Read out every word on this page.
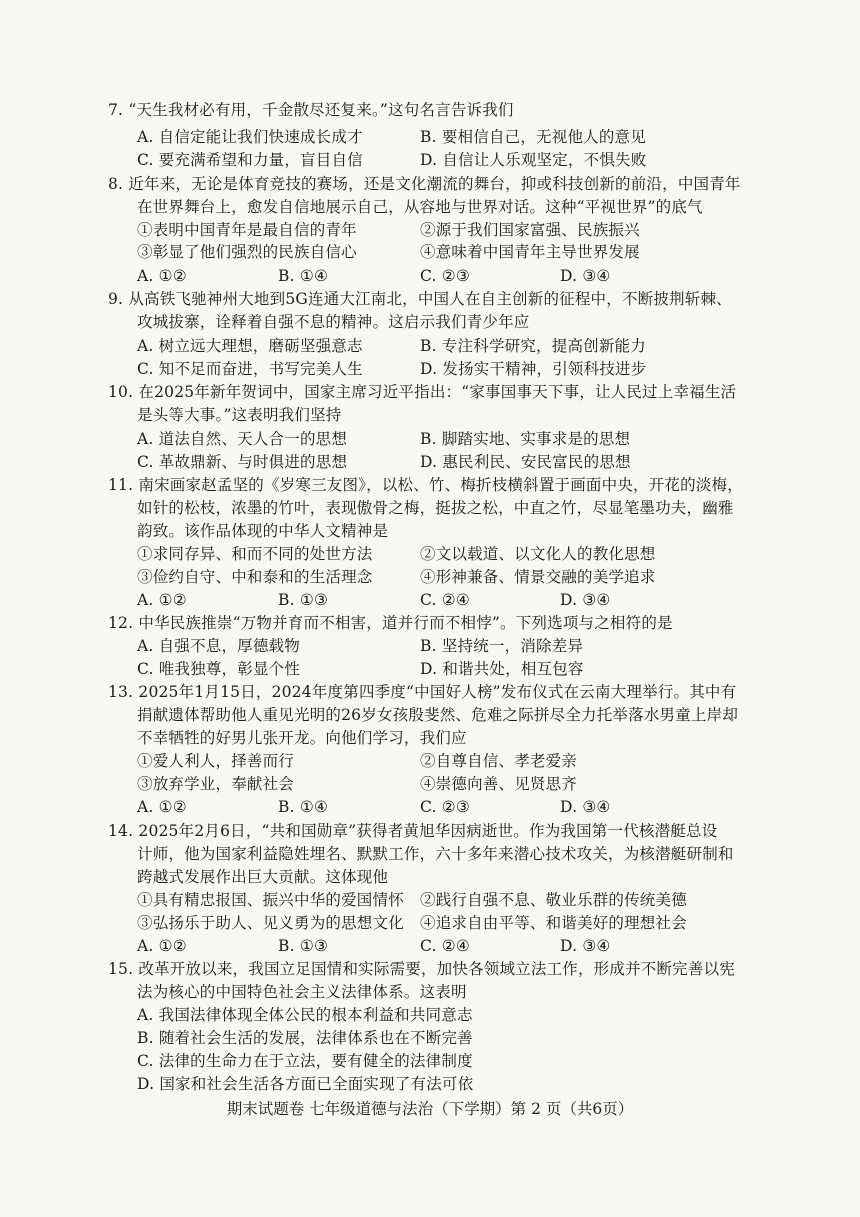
7. “天生我材必有用，千金散尽还复来。”这句名言告诉我们
A. 自信定能让我们快速成长成才	B. 要相信自己，无视他人的意见
C. 要充满希望和力量，盲目自信	D. 自信让人乐观坚定，不惧失败
8. 近年来，无论是体育竞技的赛场，还是文化潮流的舞台，抑或科技创新的前沿，中国青年
在世界舞台上，愈发自信地展示自己，从容地与世界对话。这种“平视世界”的底气
①表明中国青年是最自信的青年	②源于我们国家富强、民族振兴
③彰显了他们强烈的民族自信心	④意味着中国青年主导世界发展
A. ①②	B. ①④	C. ②③	D. ③④
9. 从高铁飞驰神州大地到5G连通大江南北，中国人在自主创新的征程中，不断披荆斩棘、
攻城拔寨，诠释着自强不息的精神。这启示我们青少年应
A. 树立远大理想，磨砺坚强意志	B. 专注科学研究，提高创新能力
C. 知不足而奋进，书写完美人生	D. 发扬实干精神，引领科技进步
10. 在2025年新年贺词中，国家主席习近平指出：“家事国事天下事，让人民过上幸福生活
是头等大事。”这表明我们坚持
A. 道法自然、天人合一的思想	B. 脚踏实地、实事求是的思想
C. 革故鼎新、与时俱进的思想	D. 惠民利民、安民富民的思想
11. 南宋画家赵孟坚的《岁寒三友图》，以松、竹、梅折枝横斜置于画面中央，开花的淡梅，
如针的松枝，浓墨的竹叶，表现傲骨之梅，挺拔之松，中直之竹，尽显笔墨功夫，幽雅
韵致。该作品体现的中华人文精神是
①求同存异、和而不同的处世方法	②文以载道、以文化人的教化思想
③俭约自守、中和泰和的生活理念	④形神兼备、情景交融的美学追求
A. ①②	B. ①③	C. ②④	D. ③④
12. 中华民族推崇“万物并育而不相害，道并行而不相悖”。下列选项与之相符的是
A. 自强不息，厚德载物	B. 坚持统一，消除差异
C. 唯我独尊，彰显个性	D. 和谐共处，相互包容
13. 2025年1月15日，2024年度第四季度“中国好人榜”发布仪式在云南大理举行。其中有
捐献遗体帮助他人重见光明的26岁女孩殷斐然、危难之际拼尽全力托举落水男童上岸却
不幸牺牲的好男儿张开龙。向他们学习，我们应
①爱人利人，择善而行	②自尊自信、孝老爱亲
③放弃学业，奉献社会	④崇德向善、见贤思齐
A. ①②	B. ①④	C. ②③	D. ③④
14. 2025年2月6日，“共和国勋章”获得者黄旭华因病逝世。作为我国第一代核潜艇总设
计师，他为国家利益隐姓埋名、默默工作，六十多年来潜心技术攻关，为核潜艇研制和
跨越式发展作出巨大贡献。这体现他
①具有精忠报国、振兴中华的爱国情怀 ②践行自强不息、敬业乐群的传统美德
③弘扬乐于助人、见义勇为的思想文化 ④追求自由平等、和谐美好的理想社会
A. ①②	B. ①③	C. ②④	D. ③④
15. 改革开放以来，我国立足国情和实际需要，加快各领域立法工作，形成并不断完善以宪
法为核心的中国特色社会主义法律体系。这表明
A. 我国法律体现全体公民的根本利益和共同意志
B. 随着社会生活的发展，法律体系也在不断完善
C. 法律的生命力在于立法，要有健全的法律制度
D. 国家和社会生活各方面已全面实现了有法可依
期末试题卷 七年级道德与法治（下学期）第 2 页（共6页）
